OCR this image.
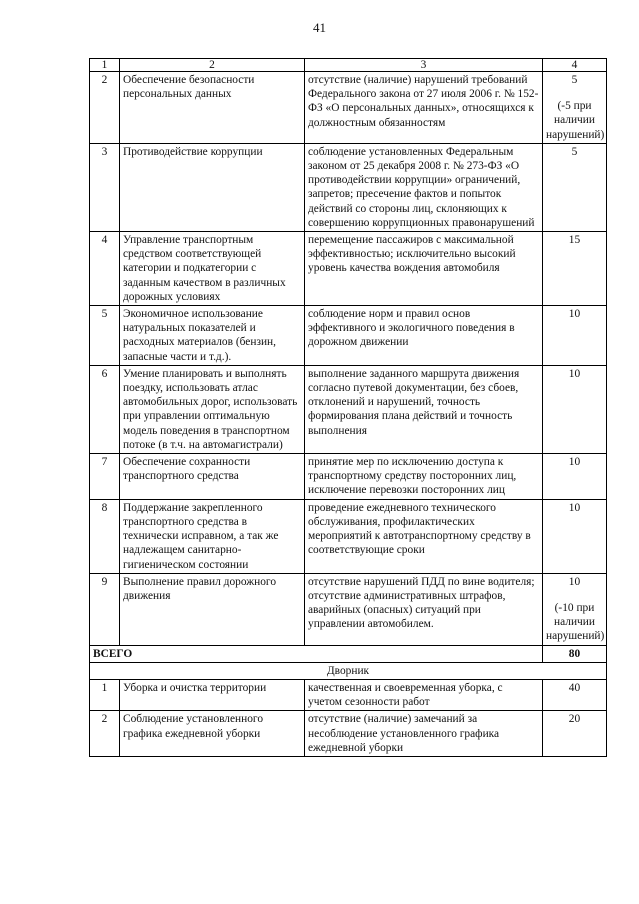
41
1	2	3	4
2	Обеспечение безопасности персональных данных	отсутствие (наличие) нарушений требований Федерального закона от 27 июля 2006 г. № 152-ФЗ «О персональных данных», относящихся к должностным обязанностям	5
(-5 при наличии нарушений)

3	Противодействие коррупции	соблюдение установленных Федеральным законом от 25 декабря 2008 г. № 273-ФЗ «О противодействии коррупции» ограничений, запретов; пресечение фактов и попыток действий со стороны лиц, склоняющих к совершению коррупционных правонарушений	5
4	Управление транспортным средством соответствующей категории и подкатегории с заданным качеством в различных дорожных условиях	перемещение пассажиров с максимальной эффективностью; исключительно высокий уровень качества вождения автомобиля	15
5	Экономичное использование натуральных показателей и расходных материалов (бензин, запасные части и т.д.).	соблюдение норм и правил основ эффективного и экологичного поведения в дорожном движении	10
6	Умение планировать и выполнять поездку, использовать атлас автомобильных дорог, использовать при управлении оптимальную модель поведения в транспортном потоке (в т.ч. на автомагистрали)	выполнение заданного маршрута движения согласно путевой документации, без сбоев, отклонений и нарушений, точность формирования плана действий и точность выполнения	10
7	Обеспечение сохранности транспортного средства	принятие мер по исключению доступа к транспортному средству посторонних лиц, исключение перевозки посторонних лиц	10
8	Поддержание закрепленного транспортного средства в технически исправном, а так же надлежащем санитарно-гигиеническом состоянии	проведение ежедневного технического обслуживания, профилактических мероприятий к автотранспортному средству в соответствующие сроки	10
9	Выполнение правил дорожного движения	отсутствие нарушений ПДД по вине водителя; отсутствие административных штрафов, аварийных (опасных) ситуаций при управлении автомобилем.	10
(-10 при наличии нарушений)

ВСЕГО			80
Дворник			
1	Уборка и очистка территории	качественная и своевременная уборка, с учетом сезонности работ	40
2	Соблюдение установленного графика ежедневной уборки	отсутствие (наличие) замечаний за несоблюдение установленного графика ежедневной уборки	20
